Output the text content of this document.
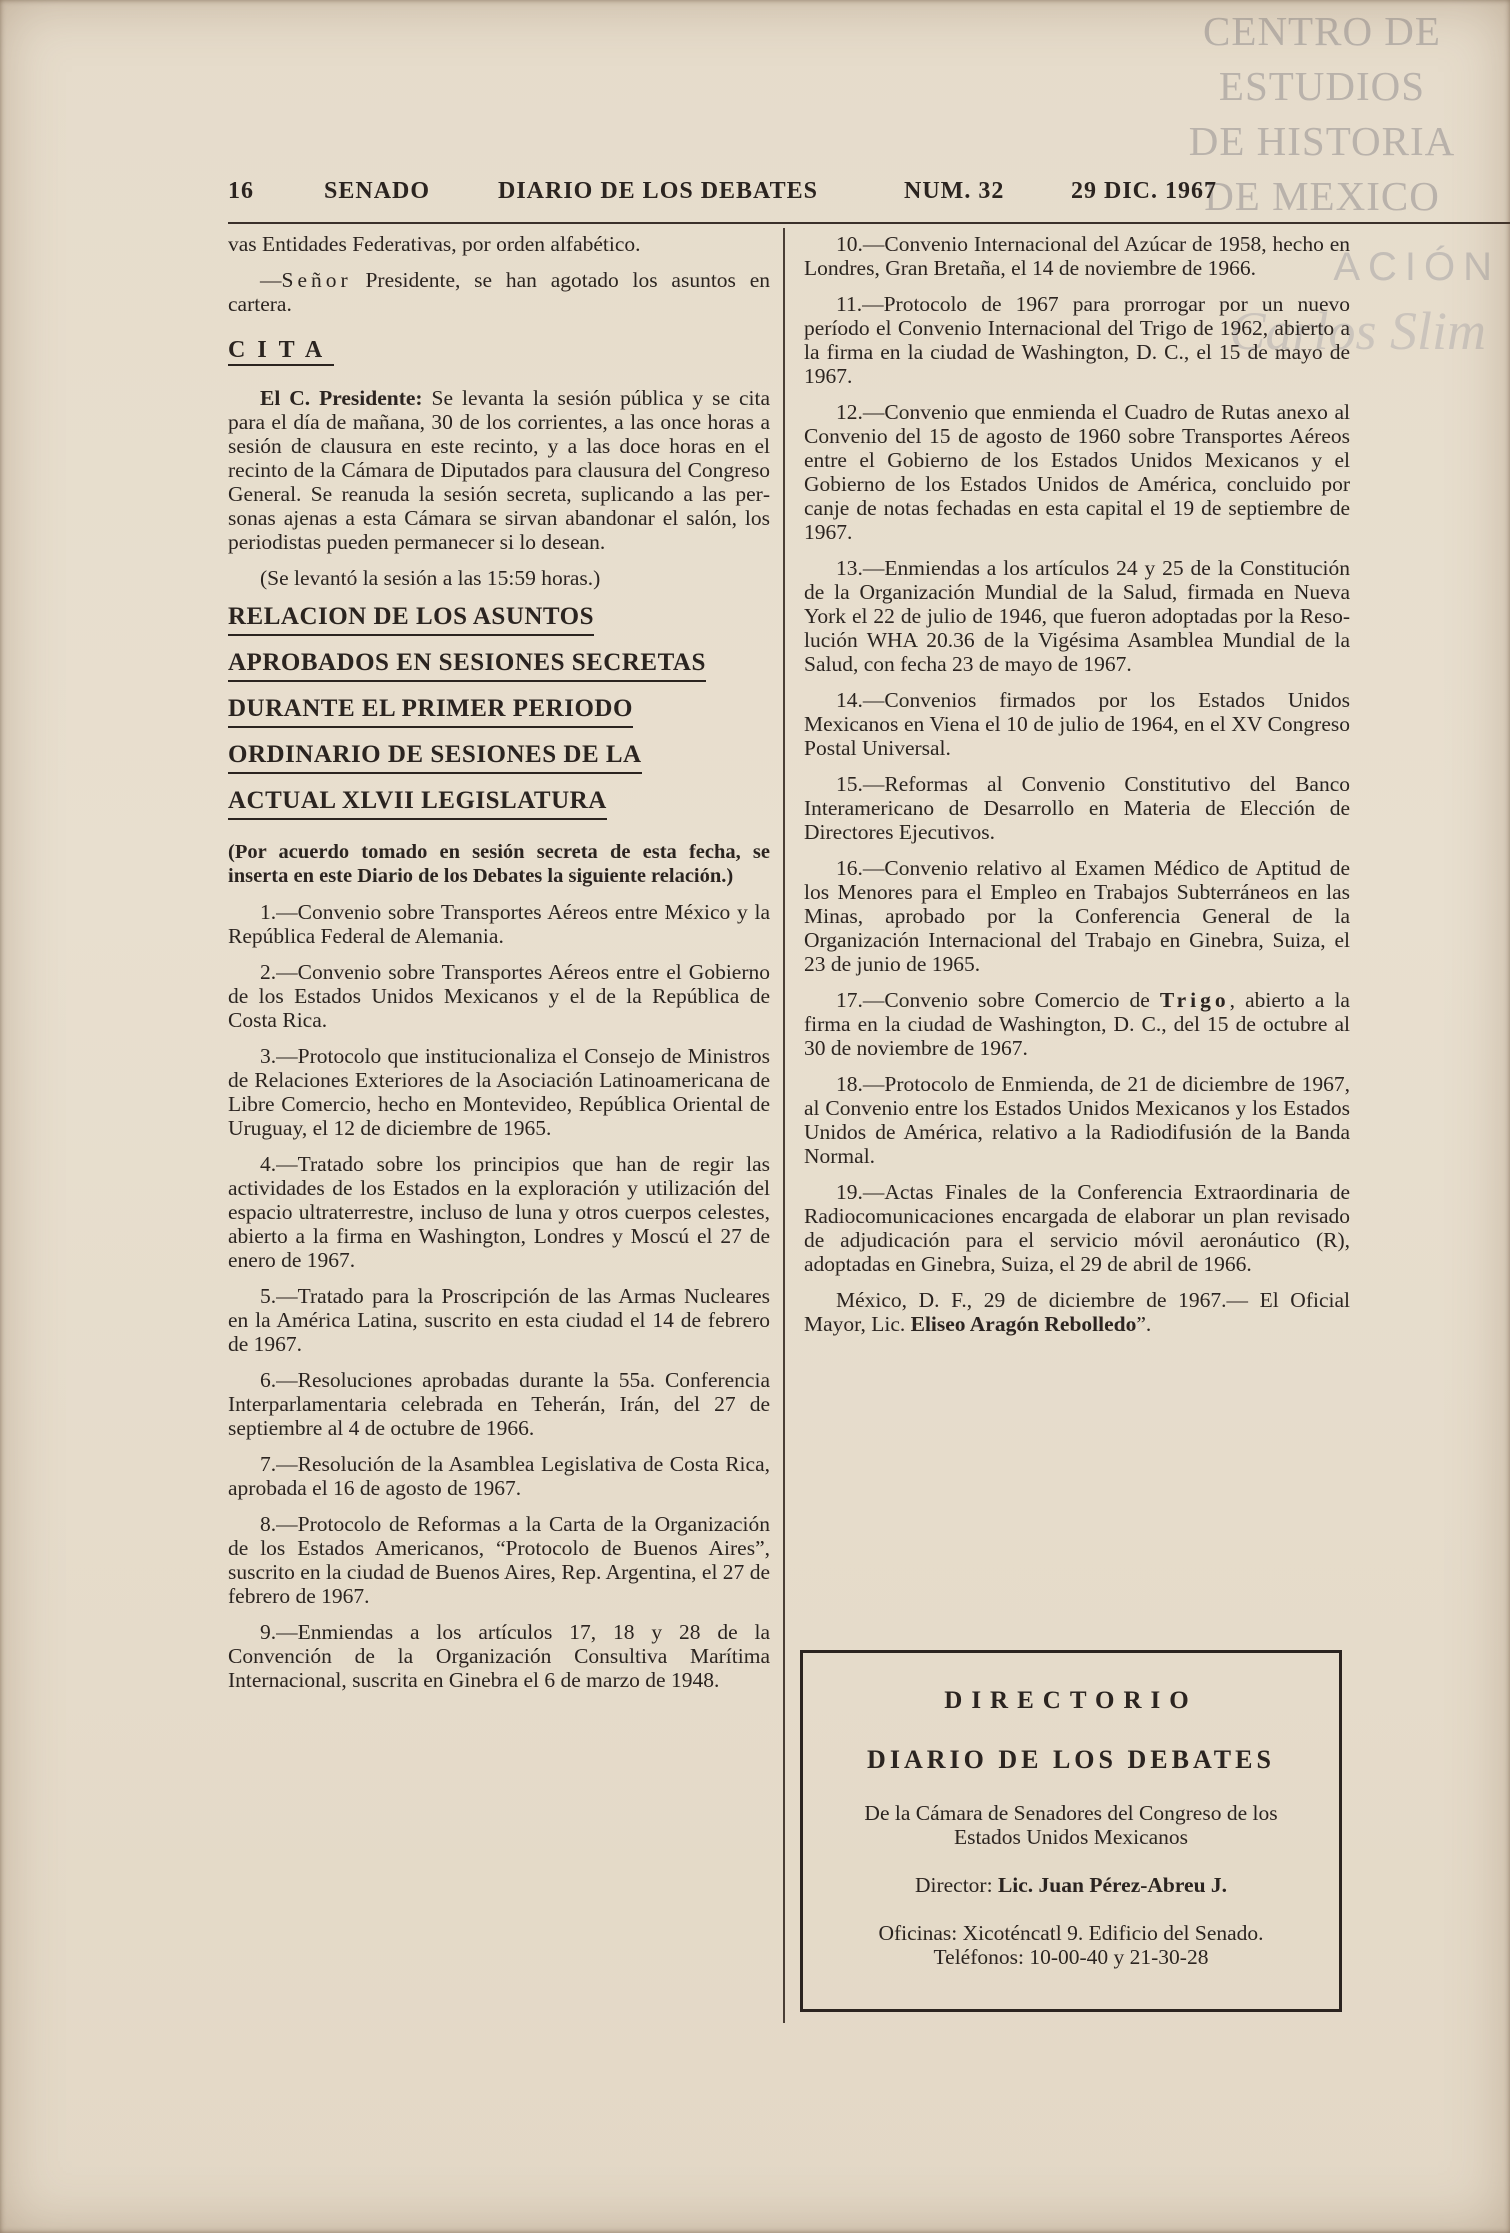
CENTRO DE
ESTUDIOS
DE HISTORIA
DE MEXICO
ACIÓN
Carlos Slim
16	SENADO	DIARIO DE LOS DEBATES	NUM. 32	29 DIC. 1967

vas Entidades Federativas, por orden alfabético.

—Señor Presidente, se han agotado los asuntos en cartera.

CITA

El C. Presidente: Se levanta la sesión pública y se cita para el día de mañana, 30 de los corrientes, a las once horas a sesión de clausura en este recinto, y a las doce horas en el recinto de la Cámara de Diputados para clausura del Congreso General. Se reanuda la sesión secreta, suplicando a las personas ajenas a esta Cámara se sirvan abandonar el salón, los periodistas pueden permanecer si lo desean.

(Se levantó la sesión a las 15:59 horas.)

RELACION DE LOS ASUNTOS
APROBADOS EN SESIONES SECRETAS
DURANTE EL PRIMER PERIODO
ORDINARIO DE SESIONES DE LA
ACTUAL XLVII LEGISLATURA

(Por acuerdo tomado en sesión secreta de esta fecha, se inserta en este Diario de los Debates la siguiente relación.)

1.—Convenio sobre Transportes Aéreos entre México y la República Federal de Alemania.

2.—Convenio sobre Transportes Aéreos entre el Gobierno de los Estados Unidos Mexicanos y el de la República de Costa Rica.

3.—Protocolo que institucionaliza el Consejo de Ministros de Relaciones Exteriores de la Asociación Latinoamericana de Libre Comercio, hecho en Montevideo, República Oriental de Uruguay, el 12 de diciembre de 1965.

4.—Tratado sobre los principios que han de regir las actividades de los Estados en la exploración y utilización del espacio ultraterrestre, incluso de luna y otros cuerpos celestes, abierto a la firma en Washington, Londres y Moscú el 27 de enero de 1967.

5.—Tratado para la Proscripción de las Armas Nucleares en la América Latina, suscrito en esta ciudad el 14 de febrero de 1967.

6.—Resoluciones aprobadas durante la 55a. Conferencia Interparlamentaria celebrada en Teherán, Irán, del 27 de septiembre al 4 de octubre de 1966.

7.—Resolución de la Asamblea Legislativa de Costa Rica, aprobada el 16 de agosto de 1967.

8.—Protocolo de Reformas a la Carta de la Organización de los Estados Americanos, “Protocolo de Buenos Aires”, suscrito en la ciudad de Buenos Aires, Rep. Argentina, el 27 de febrero de 1967.

9.—Enmiendas a los artículos 17, 18 y 28 de la Convención de la Organización Consultiva Marítima Internacional, suscrita en Ginebra el 6 de marzo de 1948.

10.—Convenio Internacional del Azúcar de 1958, hecho en Londres, Gran Bretaña, el 14 de noviembre de 1966.

11.—Protocolo de 1967 para prorrogar por un nuevo período el Convenio Internacional del Trigo de 1962, abierto a la firma en la ciudad de Washington, D. C., el 15 de mayo de 1967.

12.—Convenio que enmienda el Cuadro de Rutas anexo al Convenio del 15 de agosto de 1960 sobre Transportes Aéreos entre el Gobierno de los Estados Unidos Mexicanos y el Gobierno de los Estados Unidos de América, concluido por canje de notas fechadas en esta capital el 19 de septiembre de 1967.

13.—Enmiendas a los artículos 24 y 25 de la Constitución de la Organización Mundial de la Salud, firmada en Nueva York el 22 de julio de 1946, que fueron adoptadas por la Resolución WHA 20.36 de la Vigésima Asamblea Mundial de la Salud, con fecha 23 de mayo de 1967.

14.—Convenios firmados por los Estados Unidos Mexicanos en Viena el 10 de julio de 1964, en el XV Congreso Postal Universal.

15.—Reformas al Convenio Constitutivo del Banco Interamericano de Desarrollo en Materia de Elección de Directores Ejecutivos.

16.—Convenio relativo al Examen Médico de Aptitud de los Menores para el Empleo en Trabajos Subterráneos en las Minas, aprobado por la Conferencia General de la Organización Internacional del Trabajo en Ginebra, Suiza, el 23 de junio de 1965.

17.—Convenio sobre Comercio de Trigo, abierto a la firma en la ciudad de Washington, D. C., del 15 de octubre al 30 de noviembre de 1967.

18.—Protocolo de Enmienda, de 21 de diciembre de 1967, al Convenio entre los Estados Unidos Mexicanos y los Estados Unidos de América, relativo a la Radiodifusión de la Banda Normal.

19.—Actas Finales de la Conferencia Extraordinaria de Radiocomunicaciones encargada de elaborar un plan revisado de adjudicación para el servicio móvil aeronáutico (R), adoptadas en Ginebra, Suiza, el 29 de abril de 1966.

México, D. F., 29 de diciembre de 1967.— El Oficial Mayor, Lic. Eliseo Aragón Rebolledo”.

DIRECTORIO
DIARIO DE LOS DEBATES
De la Cámara de Senadores del Congreso de los Estados Unidos Mexicanos
Director: Lic. Juan Pérez-Abreu J.
Oficinas: Xicoténcatl 9. Edificio del Senado. Teléfonos: 10-00-40 y 21-30-28
